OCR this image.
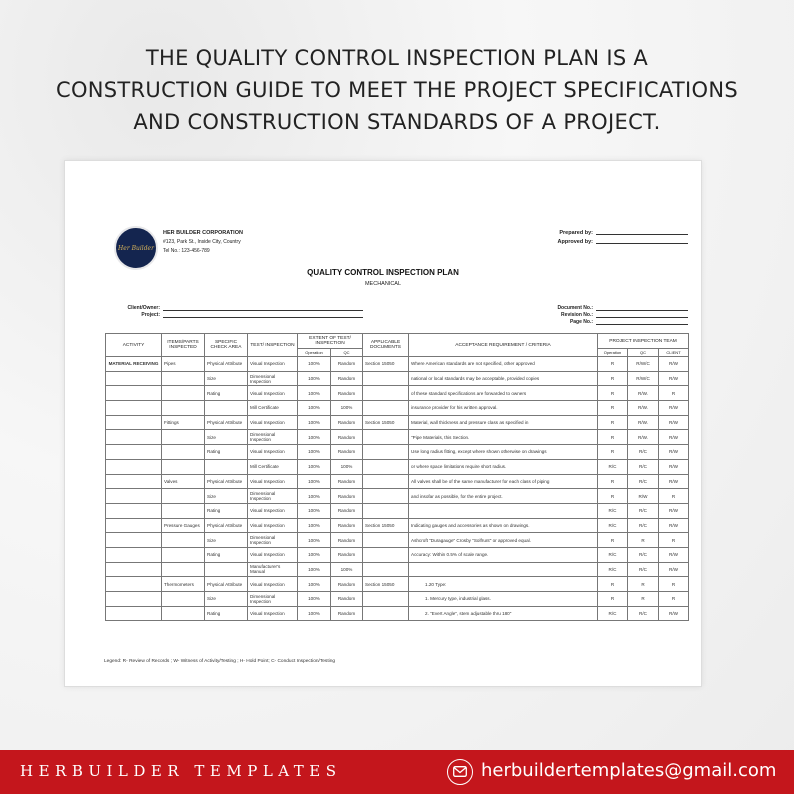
THE QUALITY CONTROL INSPECTION PLAN IS A
CONSTRUCTION GUIDE TO MEET THE PROJECT SPECIFICATIONS
AND CONSTRUCTION STANDARDS OF A PROJECT.
Her Builder
HER BUILDER CORPORATION
#123, Park St., Inside City, Country
Tel No.: 123-456-789
Prepared by:
Approved by:
QUALITY CONTROL INSPECTION PLAN
MECHANICAL
Client/Owner:
Project:
Document No.:
Revision No.:
Page No.:
ACTIVITY	ITEMS/PARTS INSPECTED	SPECIFIC CHECK AREA	TEST/ INSPECTION	EXTENT OF TEST/ INSPECTION		APPLICABLE DOCUMENTS	ACCEPTANCE REQUIREMENT / CRITERIA	PROJECT INSPECTION TEAM		
				Operation	QC			Operation	QC	CLIENT
MATERIAL RECEIVING	Pipes	Physical Attribute	Visual Inspection	100%	Random	Section 15050	Where American standards are not specified, other approved	R	R/W/C	R/W
		Size	Dimensional Inspection	100%	Random		national or local standards may be acceptable, provided copies	R	R/W/C	R/W
		Rating	Visual Inspection	100%	Random		of these standard specifications are forwarded to owners	R	R/W.	R
			Mill Certificate	100%	100%		insurance provider for his written approval.	R	R/W.	R/W
	Fittings	Physical Attribute	Visual Inspection	100%	Random	Section 15050	Material, wall thickness and pressure class as specified in	R	R/W.	R/W
		Size	Dimensional Inspection	100%	Random		"Pipe Materials, this Section.	R	R/W.	R/W
		Rating	Visual Inspection	100%	Random		Use long radius fitting, except where shown otherwise on drawings	R	R/C	R/W
			Mill Certificate	100%	100%		or where space limitations require short radius.	R/C	R/C	R/W
	Valves	Physical Attribute	Visual Inspection	100%	Random		All valves shall be of the same manufacturer for each class of piping	R	R/C	R/W
		Size	Dimensional Inspection	100%	Random		and insofar as possible, for the entire project.	R	R/W	R
		Rating	Visual Inspection	100%	Random			R/C	R/C	R/W
	Pressure Gauges	Physical Attribute	Visual Inspection	100%	Random	Section 15050	Indicating gauges and accessories as shown on drawings.	R/C	R/C	R/W
		Size	Dimensional Inspection	100%	Random		Ashcroft "Duragauge" Crosby "Solfrunt" or approved equal.	R	R	R
		Rating	Visual Inspection	100%	Random		Accuracy: Within 0.5% of scale range.	R/C	R/C	R/W
			Manufacturer's Manual	100%	100%			R/C	R/C	R/W
	Thermometers	Physical Attribute	Visual Inspection	100%	Random	Section 15050	1.20 Type:	R	R	R
		Size	Dimensional Inspection	100%	Random		1. Mercury type, industrial glass.	R	R	R
		Rating	Visual Inspection	100%	Random		2. "Evert Angle", stem adjustable thru 180"	R/C	R/C	R/W
Legend: R- Review of Records ; W- Witness of Activity/Testing ; H- Hold Point; C- Conduct Inspection/Testing
HERBUILDER TEMPLATES	herbuildertemplates@gmail.com
